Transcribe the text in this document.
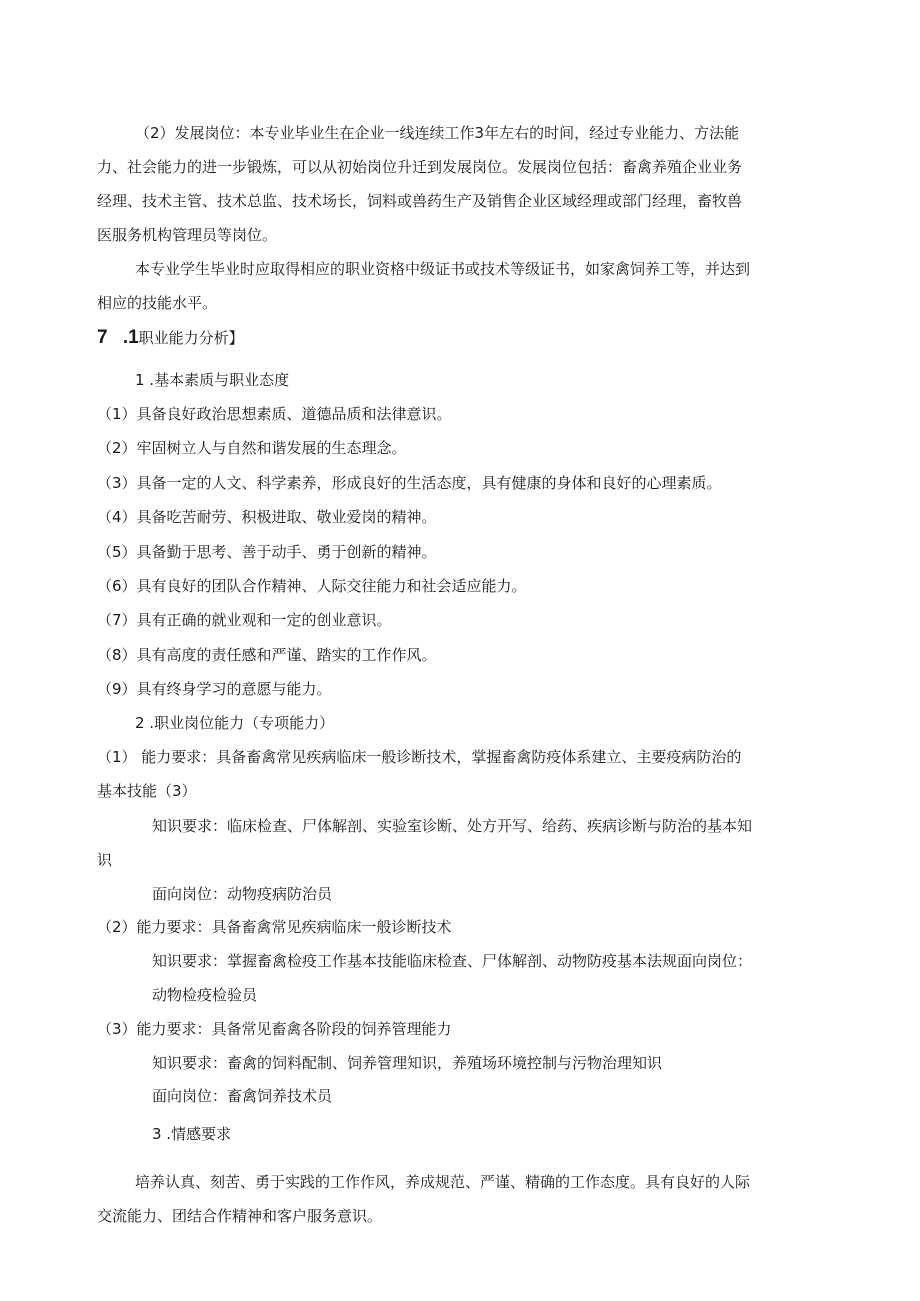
（2）发展岗位：本专业毕业生在企业一线连续工作3年左右的时间，经过专业能力、方法能
力、社会能力的进一步锻炼，可以从初始岗位升迁到发展岗位。发展岗位包括：畜禽养殖企业业务
经理、技术主管、技术总监、技术场长，饲料或兽药生产及销售企业区域经理或部门经理，畜牧兽
医服务机构管理员等岗位。
本专业学生毕业时应取得相应的职业资格中级证书或技术等级证书，如家禽饲养工等，并达到
相应的技能水平。
7 .1职业能力分析】
1 .基本素质与职业态度
（1）具备良好政治思想素质、道德品质和法律意识。
（2）牢固树立人与自然和谐发展的生态理念。
（3）具备一定的人文、科学素养，形成良好的生活态度，具有健康的身体和良好的心理素质。
（4）具备吃苦耐劳、积极进取、敬业爱岗的精神。
（5）具备勤于思考、善于动手、勇于创新的精神。
（6）具有良好的团队合作精神、人际交往能力和社会适应能力。
（7）具有正确的就业观和一定的创业意识。
（8）具有高度的责任感和严谨、踏实的工作作风。
（9）具有终身学习的意愿与能力。
2 .职业岗位能力（专项能力）
（1） 能力要求：具备畜禽常见疾病临床一般诊断技术，掌握畜禽防疫体系建立、主要疫病防治的
基本技能（3）
知识要求：临床检查、尸体解剖、实验室诊断、处方开写、给药、疾病诊断与防治的基本知
识
面向岗位：动物疫病防治员
（2）能力要求：具备畜禽常见疾病临床一般诊断技术
知识要求：掌握畜禽检疫工作基本技能临床检查、尸体解剖、动物防疫基本法规面向岗位：
动物检疫检验员
（3）能力要求：具备常见畜禽各阶段的饲养管理能力
知识要求：畜禽的饲料配制、饲养管理知识，养殖场环境控制与污物治理知识
面向岗位：畜禽饲养技术员
3 .情感要求
培养认真、刻苦、勇于实践的工作作风，养成规范、严谨、精确的工作态度。具有良好的人际
交流能力、团结合作精神和客户服务意识。
